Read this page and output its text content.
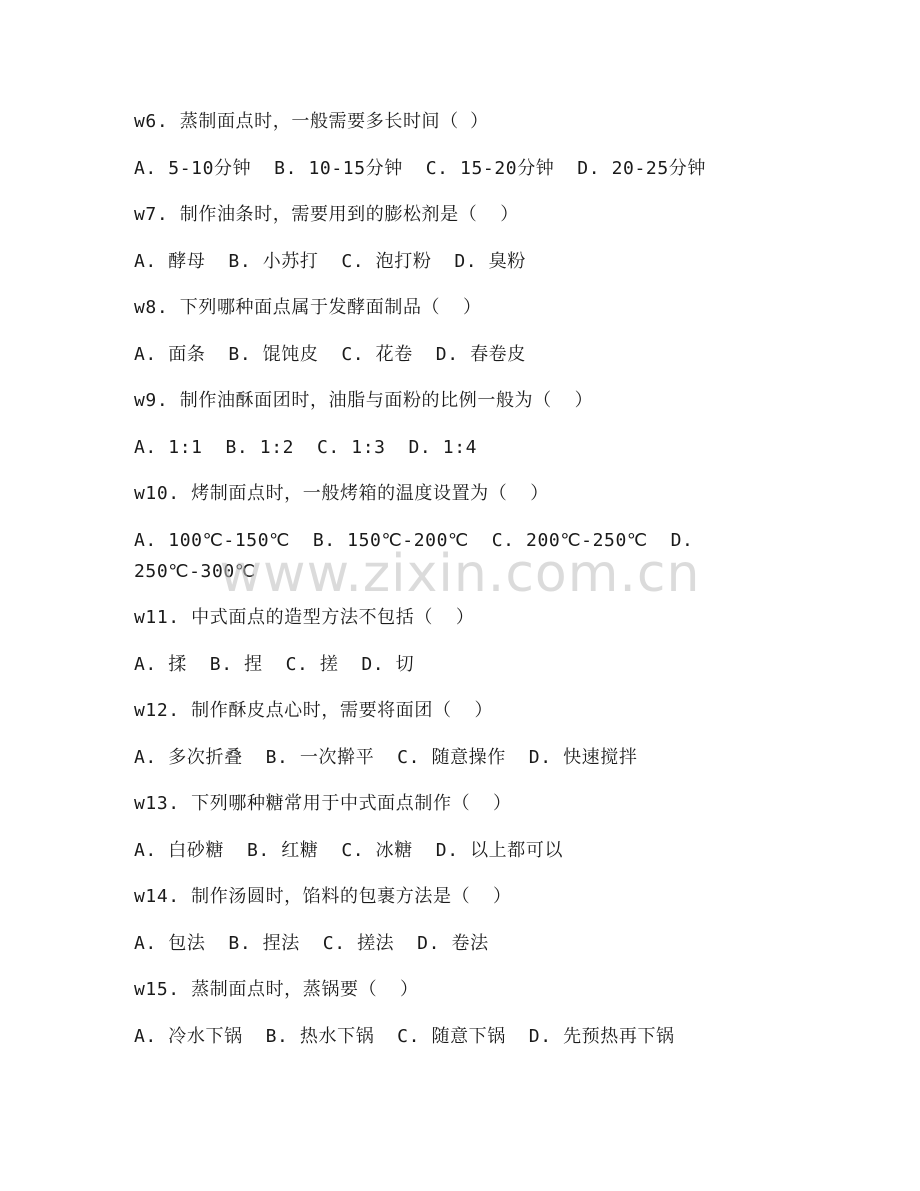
w6. 蒸制面点时，一般需要多长时间（ ）
A. 5-10分钟  B. 10-15分钟  C. 15-20分钟  D. 20-25分钟
w7. 制作油条时，需要用到的膨松剂是（  ）
A. 酵母  B. 小苏打  C. 泡打粉  D. 臭粉
w8. 下列哪种面点属于发酵面制品（  ）
A. 面条  B. 馄饨皮  C. 花卷  D. 春卷皮
w9. 制作油酥面团时，油脂与面粉的比例一般为（  ）
A. 1:1  B. 1:2  C. 1:3  D. 1:4
w10. 烤制面点时，一般烤箱的温度设置为（  ）
A. 100℃-150℃  B. 150℃-200℃  C. 200℃-250℃  D. 250℃-300℃
w11. 中式面点的造型方法不包括（  ）
A. 揉  B. 捏  C. 搓  D. 切
w12. 制作酥皮点心时，需要将面团（  ）
A. 多次折叠  B. 一次擀平  C. 随意操作  D. 快速搅拌
w13. 下列哪种糖常用于中式面点制作（  ）
A. 白砂糖  B. 红糖  C. 冰糖  D. 以上都可以
w14. 制作汤圆时，馅料的包裹方法是（  ）
A. 包法  B. 捏法  C. 搓法  D. 卷法
w15. 蒸制面点时，蒸锅要（  ）
A. 冷水下锅  B. 热水下锅  C. 随意下锅  D. 先预热再下锅
www.zixin.com.cn
